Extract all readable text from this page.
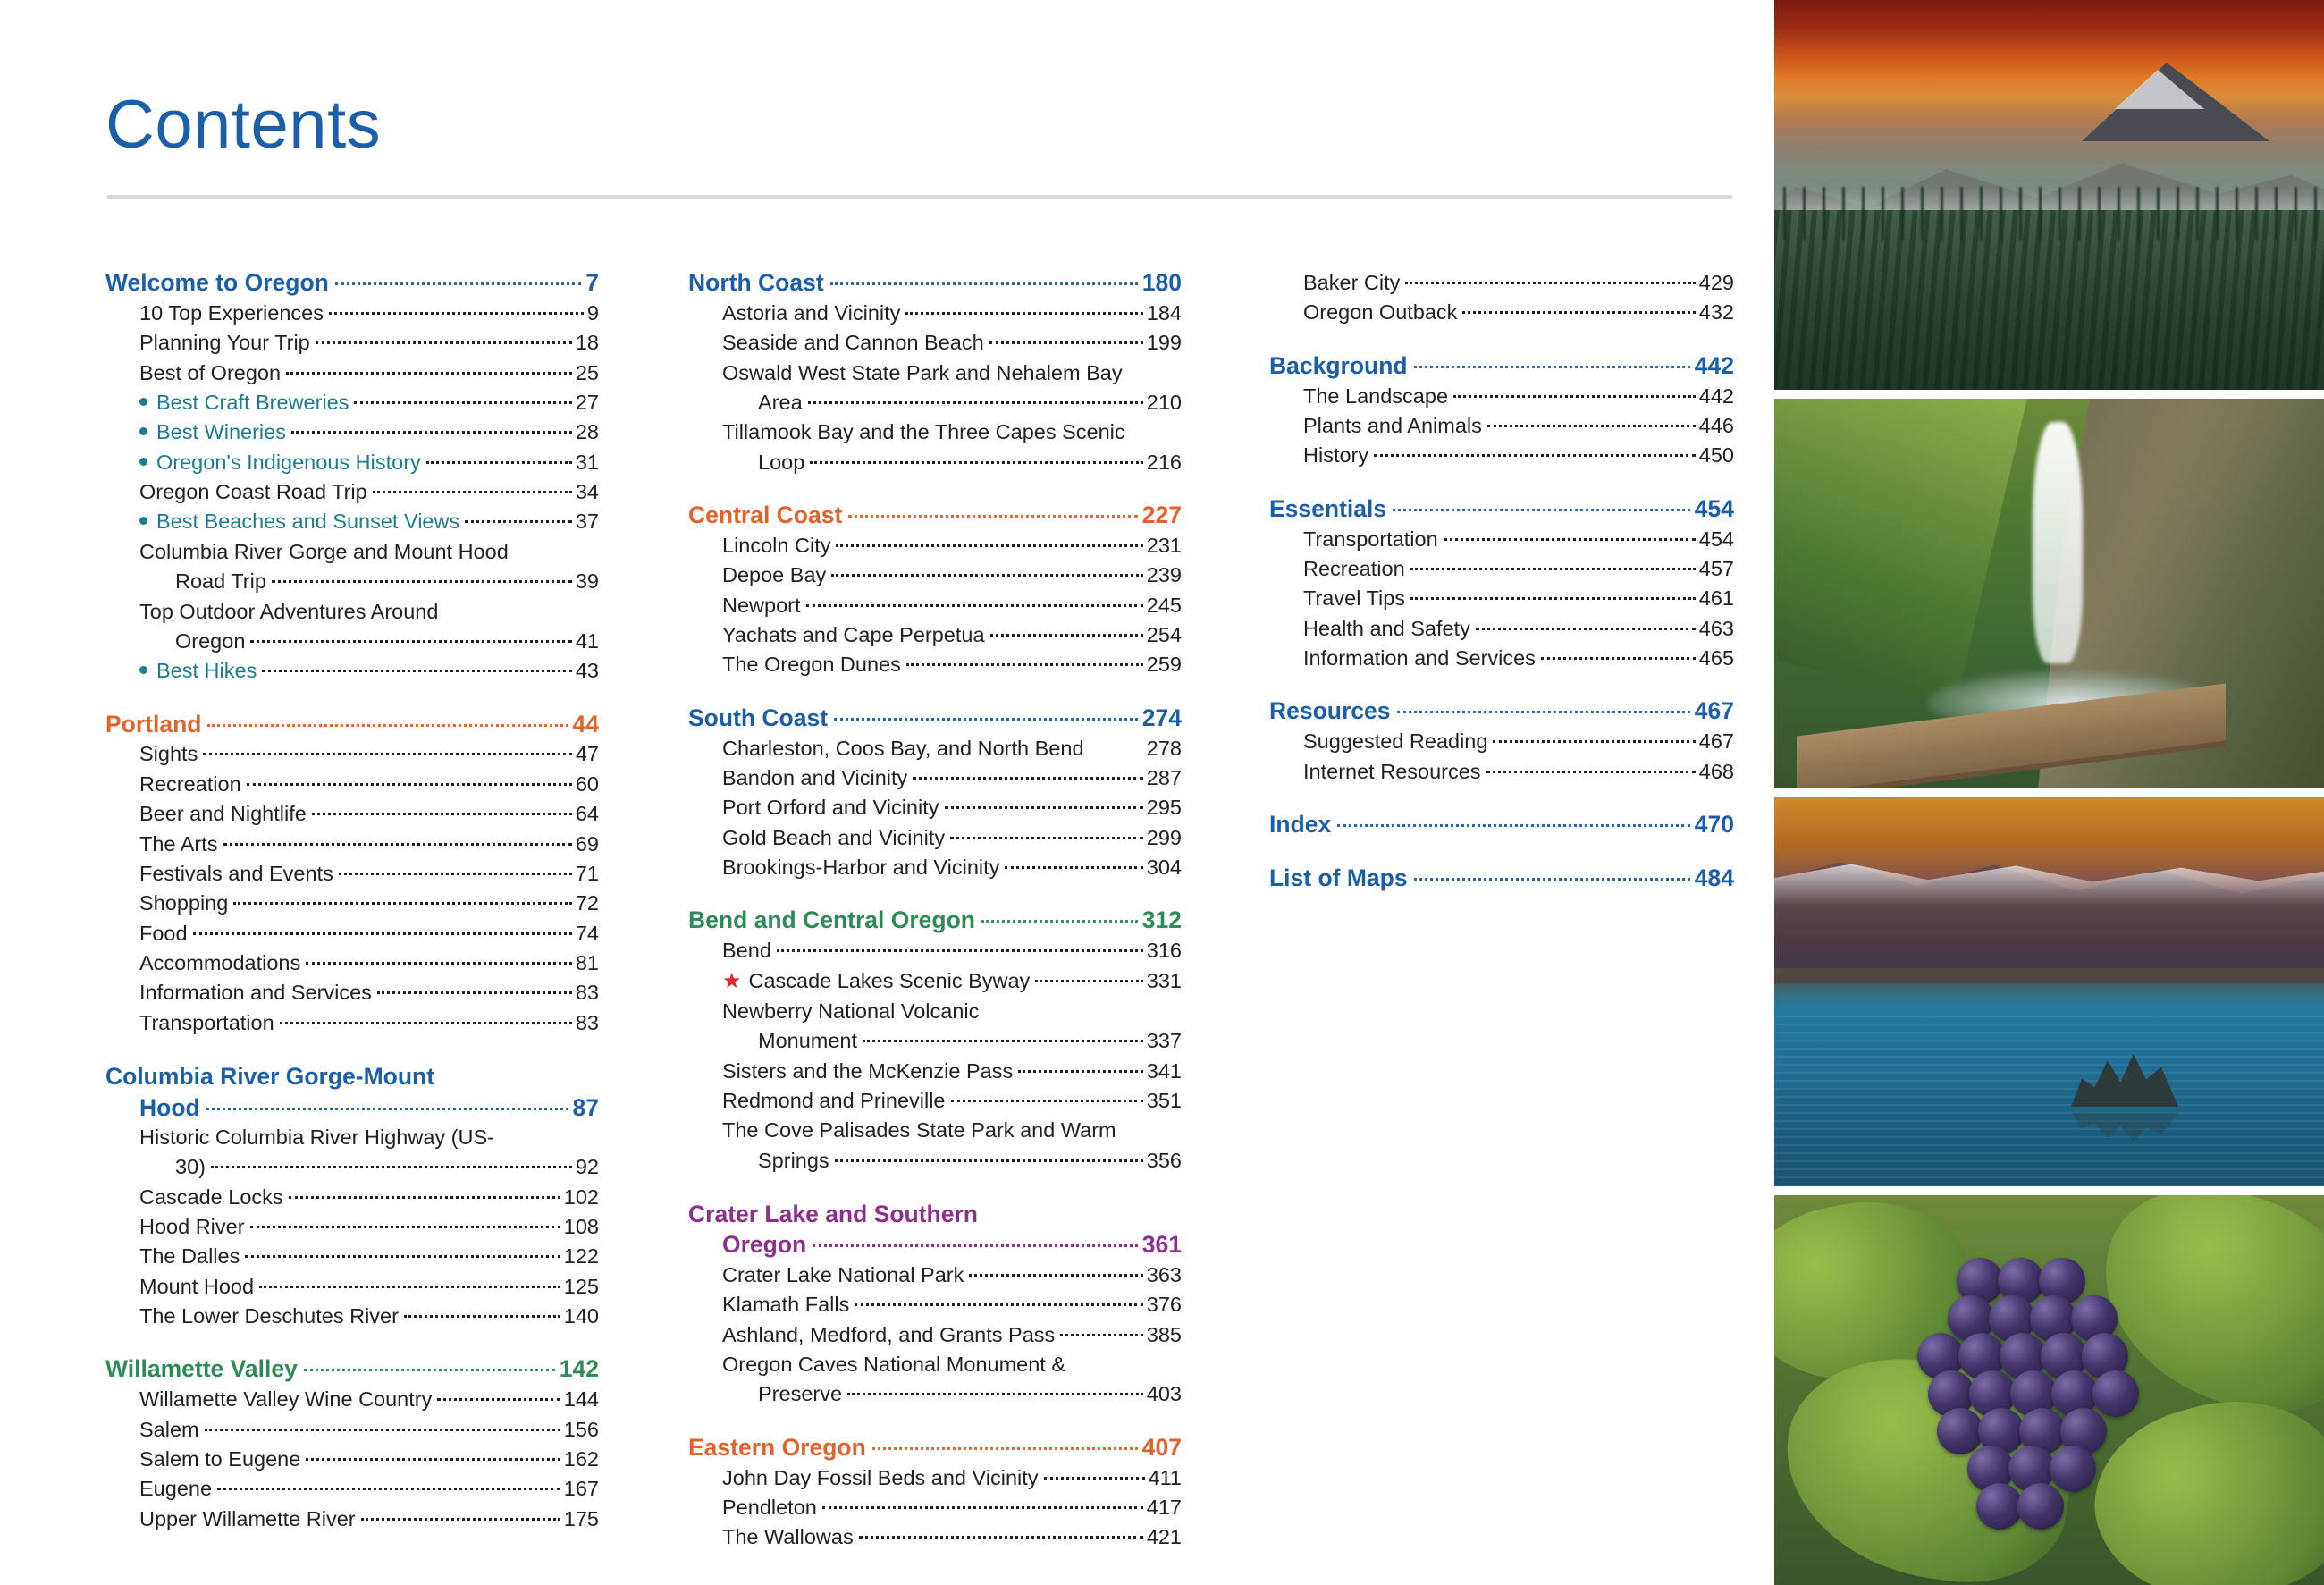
Contents
Welcome to Oregon	7
10 Top Experiences	9
Planning Your Trip	18
Best of Oregon	25
Best Craft Breweries	27
Best Wineries	28
Oregon's Indigenous History	31
Oregon Coast Road Trip	34
Best Beaches and Sunset Views	37
Columbia River Gorge and Mount Hood
Road Trip	39
Top Outdoor Adventures Around
Oregon	41
Best Hikes	43
Portland	44
Sights	47
Recreation	60
Beer and Nightlife	64
The Arts	69
Festivals and Events	71
Shopping	72
Food	74
Accommodations	81
Information and Services	83
Transportation	83
Columbia River Gorge-Mount
Hood	87
Historic Columbia River Highway (US-
30)	92
Cascade Locks	102
Hood River	108
The Dalles	122
Mount Hood	125
The Lower Deschutes River	140
Willamette Valley	142
Willamette Valley Wine Country	144
Salem	156
Salem to Eugene	162
Eugene	167
Upper Willamette River	175
North Coast	180
Astoria and Vicinity	184
Seaside and Cannon Beach	199
Oswald West State Park and Nehalem Bay
Area	210
Tillamook Bay and the Three Capes Scenic
Loop	216
Central Coast	227
Lincoln City	231
Depoe Bay	239
Newport	245
Yachats and Cape Perpetua	254
The Oregon Dunes	259
South Coast	274
Charleston, Coos Bay, and North Bend	278
Bandon and Vicinity	287
Port Orford and Vicinity	295
Gold Beach and Vicinity	299
Brookings-Harbor and Vicinity	304
Bend and Central Oregon	312
Bend	316
★ Cascade Lakes Scenic Byway	331
Newberry National Volcanic
Monument	337
Sisters and the McKenzie Pass	341
Redmond and Prineville	351
The Cove Palisades State Park and Warm
Springs	356
Crater Lake and Southern
Oregon	361
Crater Lake National Park	363
Klamath Falls	376
Ashland, Medford, and Grants Pass	385
Oregon Caves National Monument &
Preserve	403
Eastern Oregon	407
John Day Fossil Beds and Vicinity	411
Pendleton	417
The Wallowas	421
Baker City	429
Oregon Outback	432
Background	442
The Landscape	442
Plants and Animals	446
History	450
Essentials	454
Transportation	454
Recreation	457
Travel Tips	461
Health and Safety	463
Information and Services	465
Resources	467
Suggested Reading	467
Internet Resources	468
Index	470
List of Maps	484
